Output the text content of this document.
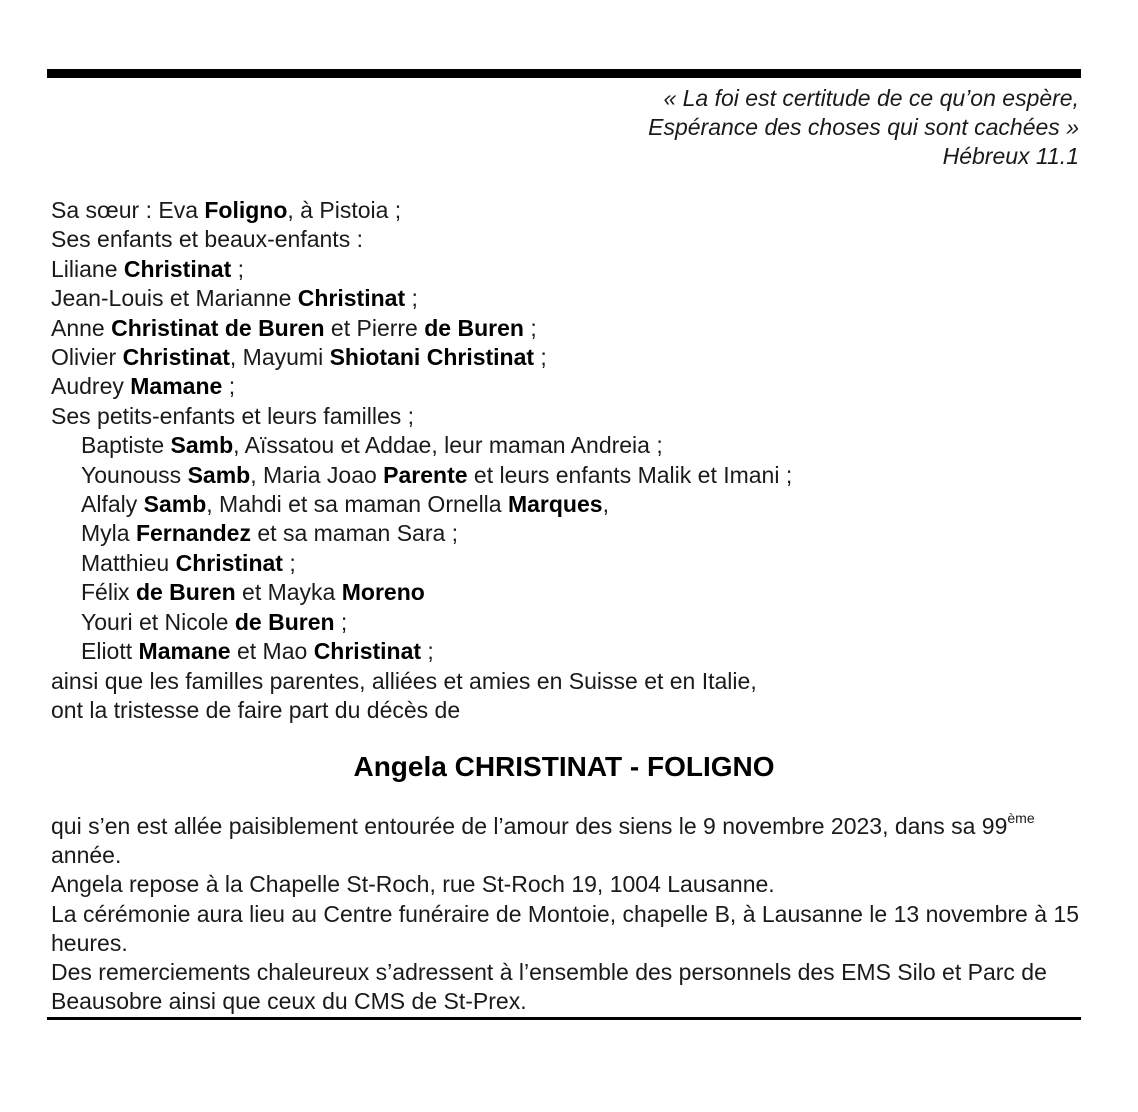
« La foi est certitude de ce qu’on espère,
Espérance des choses qui sont cachées »
Hébreux 11.1
Sa sœur : Eva Foligno, à Pistoia ;
Ses enfants et beaux-enfants :
Liliane Christinat ;
Jean-Louis et Marianne Christinat ;
Anne Christinat de Buren et Pierre de Buren ;
Olivier Christinat, Mayumi Shiotani Christinat ;
Audrey Mamane ;
Ses petits-enfants et leurs familles ;
Baptiste Samb, Aïssatou et Addae, leur maman Andreia ;
Younouss Samb, Maria Joao Parente et leurs enfants Malik et Imani ;
Alfaly Samb, Mahdi et sa maman Ornella Marques,
Myla Fernandez et sa maman Sara ;
Matthieu Christinat ;
Félix de Buren et Mayka Moreno
Youri et Nicole de Buren ;
Eliott Mamane et Mao Christinat ;
ainsi que les familles parentes, alliées et amies en Suisse et en Italie,
ont la tristesse de faire part du décès de
Angela CHRISTINAT - FOLIGNO

qui s’en est allée paisiblement entourée de l’amour des siens le 9 novembre 2023, dans sa 99ème année.

Angela repose à la Chapelle St-Roch, rue St-Roch 19, 1004 Lausanne.

La cérémonie aura lieu au Centre funéraire de Montoie, chapelle B, à Lausanne le 13 novembre à 15 heures.

Des remerciements chaleureux s’adressent à l’ensemble des personnels des EMS Silo et Parc de Beausobre ainsi que ceux du CMS de St-Prex.
